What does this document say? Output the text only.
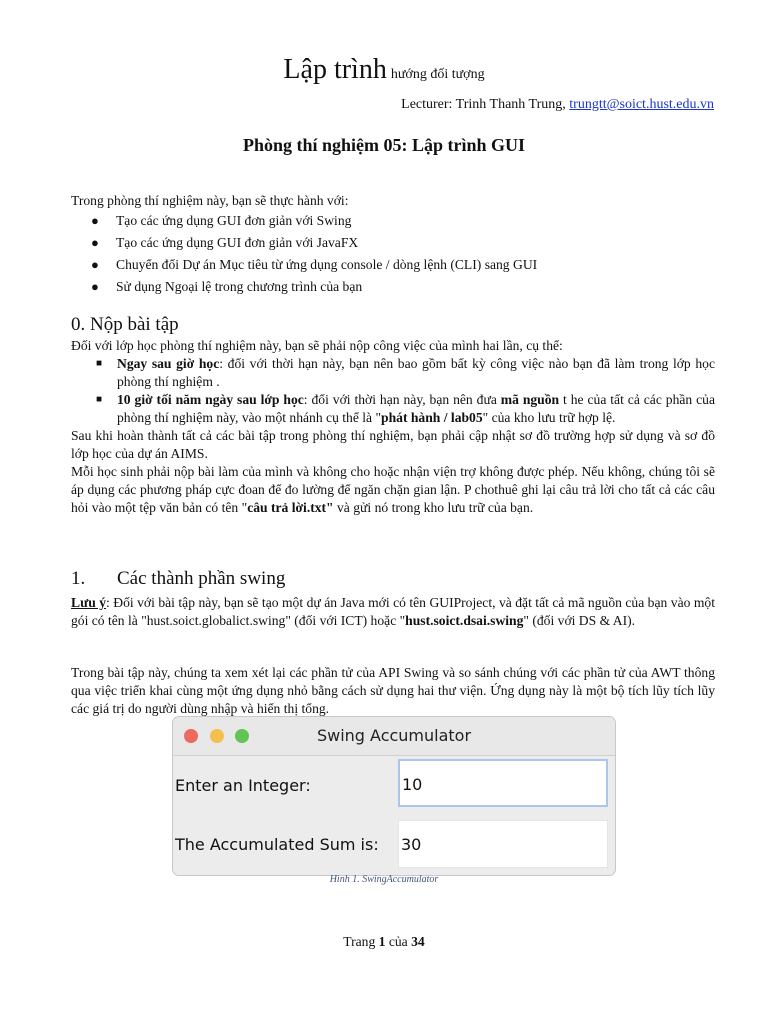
Lập trình hướng đối tượng
Lecturer: Trinh Thanh Trung, trungtt@soict.hust.edu.vn
Phòng thí nghiệm 05: Lập trình GUI
Trong phòng thí nghiệm này, bạn sẽ thực hành với:
● Tạo các ứng dụng GUI đơn giản với Swing
● Tạo các ứng dụng GUI đơn giản với JavaFX
● Chuyển đổi Dự án Mục tiêu từ ứng dụng console / dòng lệnh (CLI) sang GUI
● Sử dụng Ngoại lệ trong chương trình của bạn
0. Nộp bài tập
Đối với lớp học phòng thí nghiệm này, bạn sẽ phải nộp công việc của mình hai lần, cụ thể:
■ Ngay sau giờ học: đối với thời hạn này, bạn nên bao gồm bất kỳ công việc nào bạn đã làm trong lớp học phòng thí nghiệm .
■ 10 giờ tối năm ngày sau lớp học: đối với thời hạn này, bạn nên đưa mã nguồn t he của tất cả các phần của phòng thí nghiệm này, vào một nhánh cụ thể là "phát hành / lab05" của kho lưu trữ hợp lệ.
Sau khi hoàn thành tất cả các bài tập trong phòng thí nghiệm, bạn phải cập nhật sơ đồ trường hợp sử dụng và sơ đồ lớp học của dự án AIMS.
Mỗi học sinh phải nộp bài làm của mình và không cho hoặc nhận viện trợ không được phép. Nếu không, chúng tôi sẽ áp dụng các phương pháp cực đoan để đo lường để ngăn chặn gian lận. P chothuê ghi lại câu trả lời cho tất cả các câu hỏi vào một tệp văn bản có tên "câu trả lời.txt" và gửi nó trong kho lưu trữ của bạn.
1. Các thành phần swing
Lưu ý: Đối với bài tập này, bạn sẽ tạo một dự án Java mới có tên GUIProject, và đặt tất cả mã nguồn của bạn vào một gói có tên là "hust.soict.globalict.swing" (đối với ICT) hoặc "hust.soict.dsai.swing" (đối với DS & AI).
Trong bài tập này, chúng ta xem xét lại các phần tử của API Swing và so sánh chúng với các phần tử của AWT thông qua việc triển khai cùng một ứng dụng nhỏ bằng cách sử dụng hai thư viện. Ứng dụng này là một bộ tích lũy tích lũy các giá trị do người dùng nhập và hiển thị tổng.
Swing Accumulator
Enter an Integer:	10
The Accumulated Sum is: 30
Hình 1. SwingAccumulator
Trang 1 của 34
